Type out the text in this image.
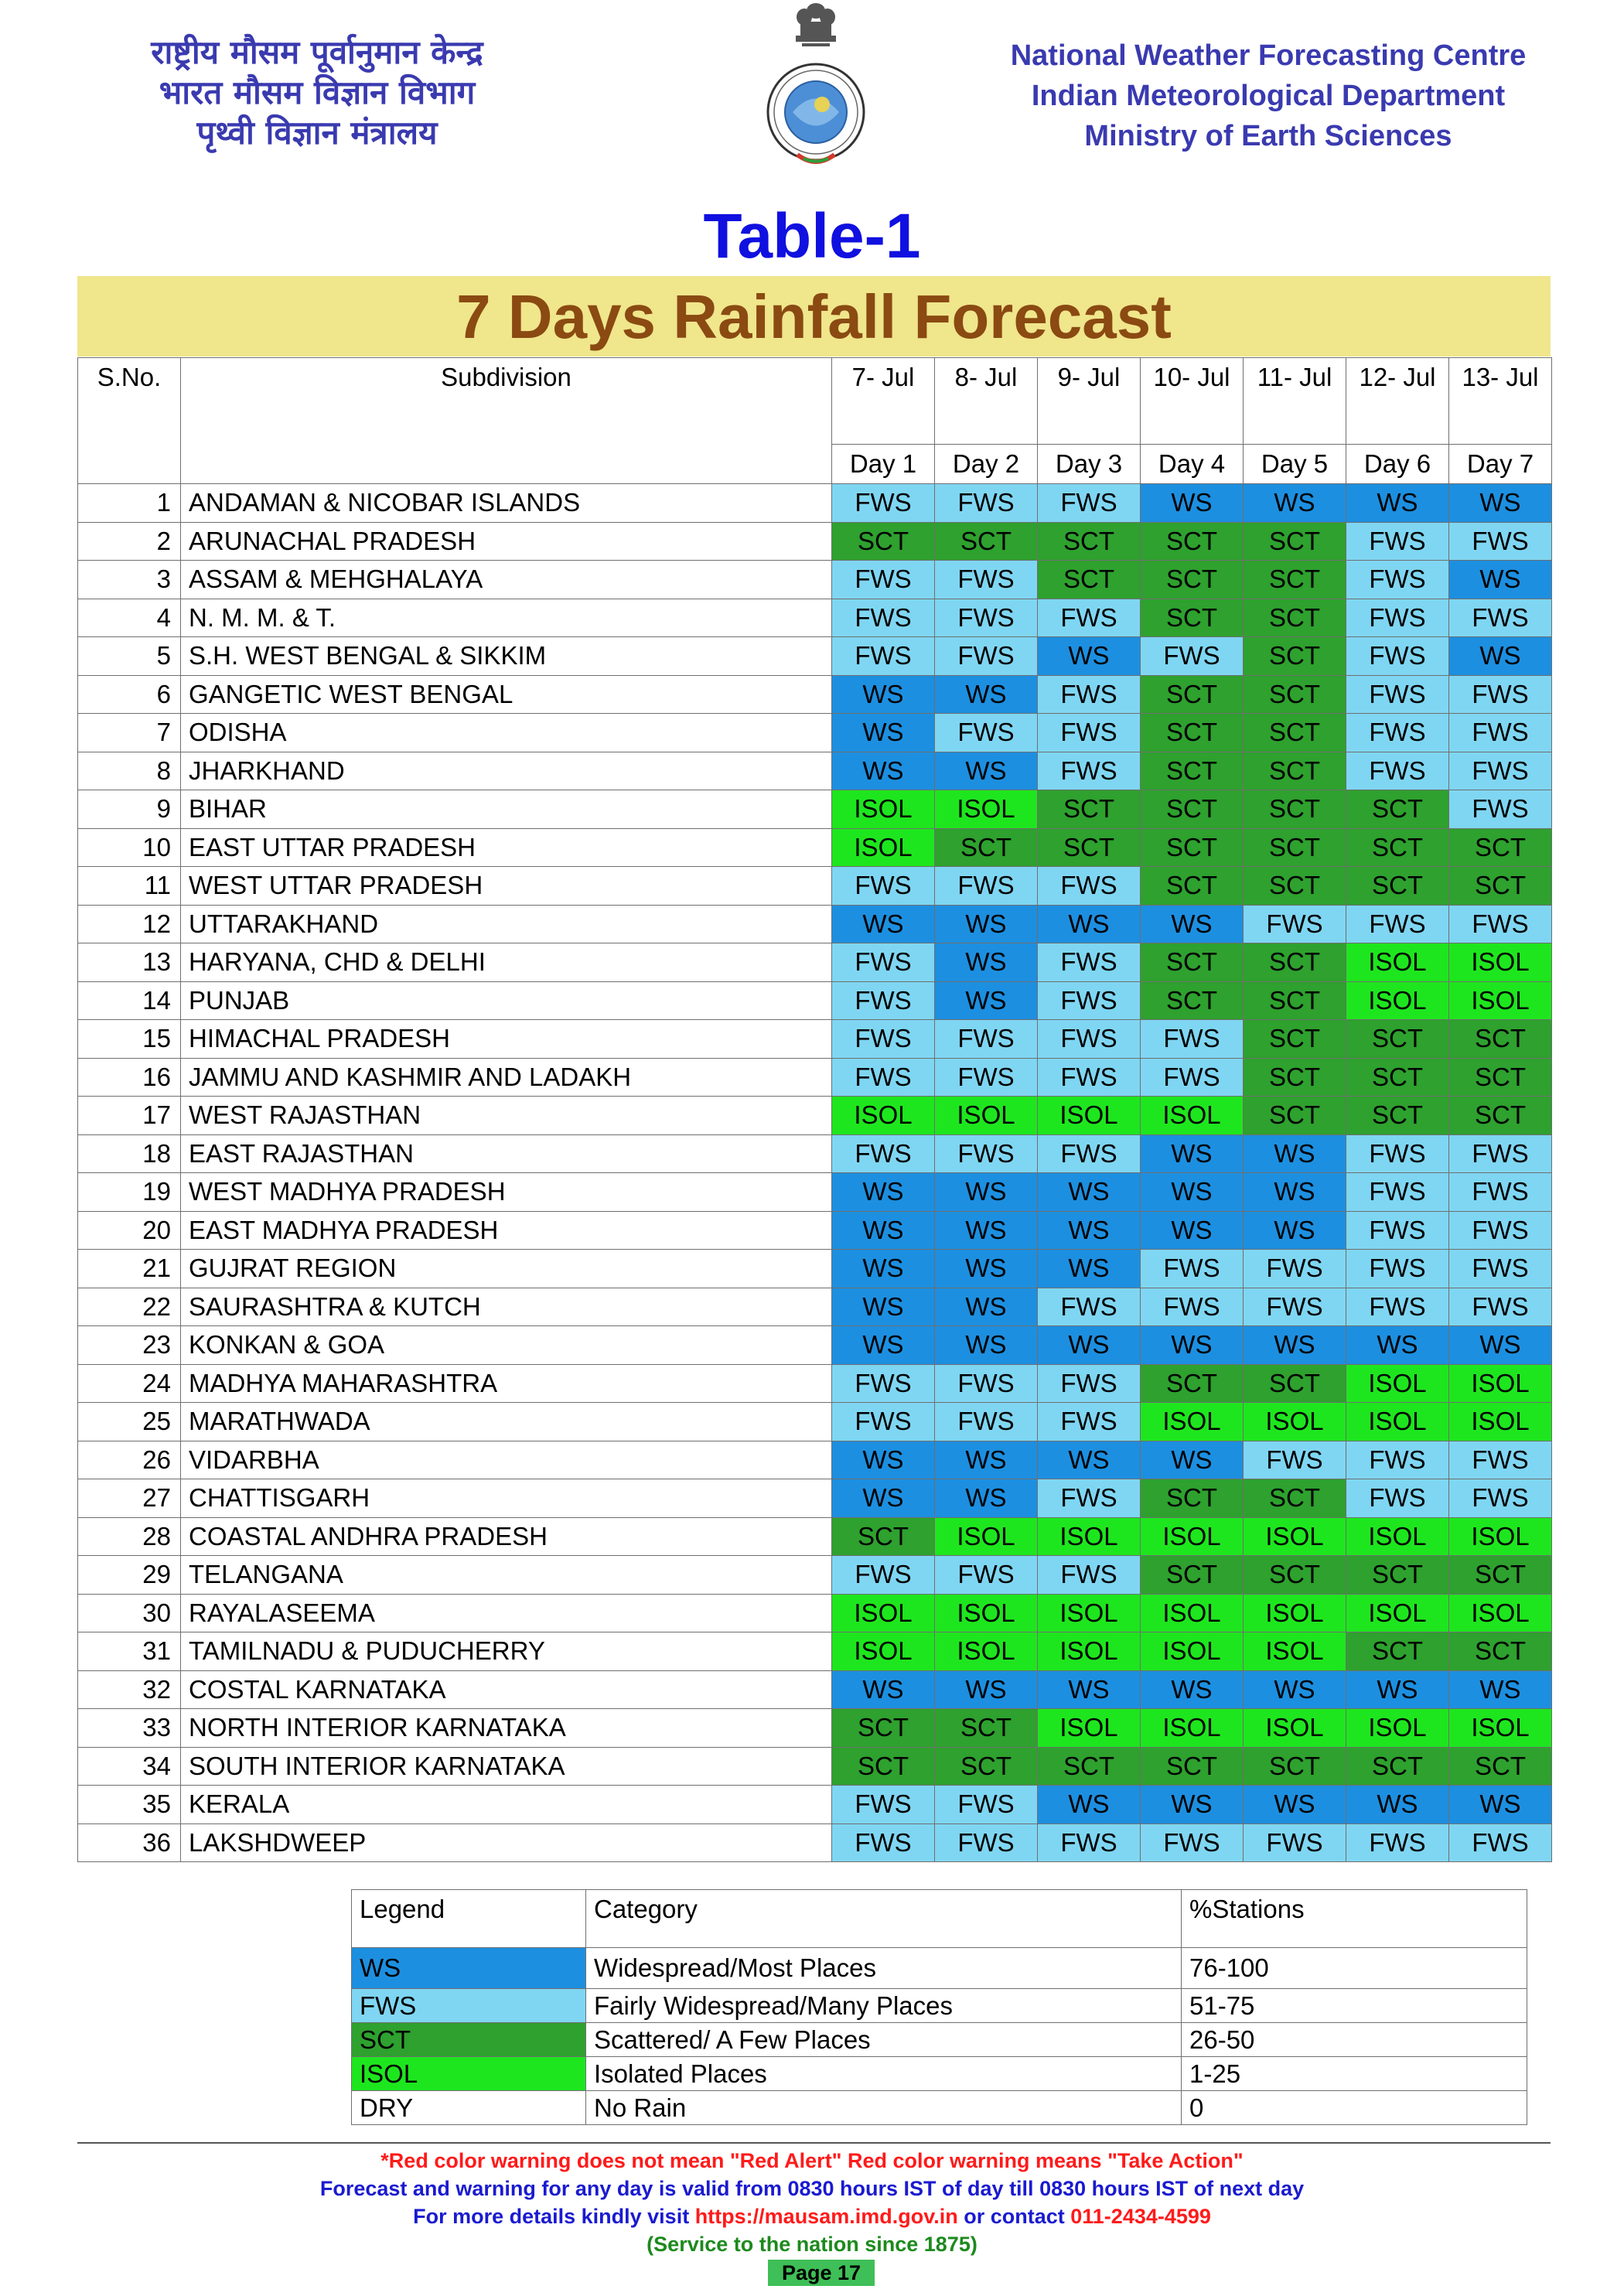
राष्ट्रीय मौसम पूर्वानुमान केन्द्र
भारत मौसम विज्ञान विभाग
पृथ्वी विज्ञान मंत्रालय
National Weather Forecasting Centre
Indian Meteorological Department
Ministry of Earth Sciences
Table-1
7 Days Rainfall Forecast
S.No.	Subdivision	7- Jul	8- Jul	9- Jul	10- Jul	11- Jul	12- Jul	13- Jul
		Day 1	Day 2	Day 3	Day 4	Day 5	Day 6	Day 7
1	ANDAMAN & NICOBAR ISLANDS	FWS	FWS	FWS	WS	WS	WS	WS
2	ARUNACHAL PRADESH	SCT	SCT	SCT	SCT	SCT	FWS	FWS
3	ASSAM & MEHGHALAYA	FWS	FWS	SCT	SCT	SCT	FWS	WS
4	N. M. M. & T.	FWS	FWS	FWS	SCT	SCT	FWS	FWS
5	S.H. WEST BENGAL & SIKKIM	FWS	FWS	WS	FWS	SCT	FWS	WS
6	GANGETIC WEST BENGAL	WS	WS	FWS	SCT	SCT	FWS	FWS
7	ODISHA	WS	FWS	FWS	SCT	SCT	FWS	FWS
8	JHARKHAND	WS	WS	FWS	SCT	SCT	FWS	FWS
9	BIHAR	ISOL	ISOL	SCT	SCT	SCT	SCT	FWS
10	EAST UTTAR PRADESH	ISOL	SCT	SCT	SCT	SCT	SCT	SCT
11	WEST UTTAR PRADESH	FWS	FWS	FWS	SCT	SCT	SCT	SCT
12	UTTARAKHAND	WS	WS	WS	WS	FWS	FWS	FWS
13	HARYANA, CHD & DELHI	FWS	WS	FWS	SCT	SCT	ISOL	ISOL
14	PUNJAB	FWS	WS	FWS	SCT	SCT	ISOL	ISOL
15	HIMACHAL PRADESH	FWS	FWS	FWS	FWS	SCT	SCT	SCT
16	JAMMU AND KASHMIR AND LADAKH	FWS	FWS	FWS	FWS	SCT	SCT	SCT
17	WEST RAJASTHAN	ISOL	ISOL	ISOL	ISOL	SCT	SCT	SCT
18	EAST RAJASTHAN	FWS	FWS	FWS	WS	WS	FWS	FWS
19	WEST MADHYA PRADESH	WS	WS	WS	WS	WS	FWS	FWS
20	EAST MADHYA PRADESH	WS	WS	WS	WS	WS	FWS	FWS
21	GUJRAT REGION	WS	WS	WS	FWS	FWS	FWS	FWS
22	SAURASHTRA & KUTCH	WS	WS	FWS	FWS	FWS	FWS	FWS
23	KONKAN & GOA	WS	WS	WS	WS	WS	WS	WS
24	MADHYA MAHARASHTRA	FWS	FWS	FWS	SCT	SCT	ISOL	ISOL
25	MARATHWADA	FWS	FWS	FWS	ISOL	ISOL	ISOL	ISOL
26	VIDARBHA	WS	WS	WS	WS	FWS	FWS	FWS
27	CHATTISGARH	WS	WS	FWS	SCT	SCT	FWS	FWS
28	COASTAL ANDHRA PRADESH	SCT	ISOL	ISOL	ISOL	ISOL	ISOL	ISOL
29	TELANGANA	FWS	FWS	FWS	SCT	SCT	SCT	SCT
30	RAYALASEEMA	ISOL	ISOL	ISOL	ISOL	ISOL	ISOL	ISOL
31	TAMILNADU & PUDUCHERRY	ISOL	ISOL	ISOL	ISOL	ISOL	SCT	SCT
32	COSTAL KARNATAKA	WS	WS	WS	WS	WS	WS	WS
33	NORTH INTERIOR KARNATAKA	SCT	SCT	ISOL	ISOL	ISOL	ISOL	ISOL
34	SOUTH INTERIOR KARNATAKA	SCT	SCT	SCT	SCT	SCT	SCT	SCT
35	KERALA	FWS	FWS	WS	WS	WS	WS	WS
36	LAKSHDWEEP	FWS	FWS	FWS	FWS	FWS	FWS	FWS
Legend	Category	%Stations
WS	Widespread/Most Places	76-100
FWS	Fairly Widespread/Many Places	51-75
SCT	Scattered/ A Few Places	26-50
ISOL	Isolated Places	1-25
DRY	No Rain	0
*Red color warning does not mean "Red Alert" Red color warning means "Take Action"
Forecast and warning for any day is valid from 0830 hours IST of day till 0830 hours IST of next day
For more details kindly visit https://mausam.imd.gov.in or contact 011-2434-4599
(Service to the nation since 1875)
Page 17
